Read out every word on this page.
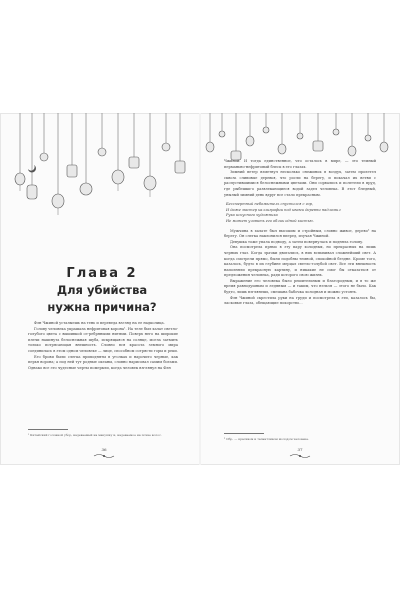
Глава 2
Для убийства
нужна причина?

Фэн Чжиной усталыешь на тень и переведа взгляд на ее надколица.

Голову человека украшала нефритовая корона¹. На теле был халат светло-голубого цвета с вышивкой се-ребряными нитями. Поверх него на широкие плечи накинута белоснежная шуба, искрящаяся на солнце, могла затмить только потрясающая внешность. Словно вся красота земного мира соединилась в этом одном человеке — лице, способном сотрясти горы и реки.

Его брови были слегка приподняты в уголках и нарочито черные, как перья ворона; а под ней тут родные океаны, словно нарисовал самим богами. Однако все это чудесные черты померкли, когда человек взглянул на Фэн

¹ Китайский головной убор, надеваемый на макушку и, надеваемое на почве волос.
36

Чжиной. И тогда единственное, что осталось в мире, — это темный перманьно-нефритовый блеск в его глазах.

Зимний ветер взметнул несколько снежинок в воздух, затем пролетел сквозь сливовые деревья, что росли на берегу, и покачал их ветви с распустившимися белоснежными цветами. Они сорвались и полетели в пруд, где рыбешки-о развлекающиеся водой задел человека. В этот бледный, унылый зимний день вдруг все стало прекрасным.

Бессмертный небожитель спустился с гор,

И даже мастер каллиграфии под ивами деревни надломил

Рука искусного художника

Не может уловить его облик одной кистью.

Мужчина в халате был высоким и стройным, словно живое, дерево² на берегу. Он слегка наклонился вперед, изучая Чжиной.

Девушка тоже упала подводу, а затем повернулась и подняла голову.

Она посмотрела прямо в эту пару холодных, но прекрасных на лишь черных глаз. Когда зрачки двигались, в них вспыхивал сложнейший свет. А когда смотрели прямо, были подобны темной, спокойной бездне. Кроме того, казалось, будто в их глубине мерцал светло-голубой свет. Все эти внешность наполняли прекрасную картину, и никакие не смог бы отказаться от предложения человека, ради которого свою жизнь.

Выражение его человека было решительным и благородным, и в то же время равнодушным и ледяным — и таким, что нельзя — этого не было. Как будто, лишь взглянешь, смешана бабочка холодная и можно устоять.

Фэн Чжиной скрестила руки на груди и посмотрела в эти, казалось бы, ласковые глаза, обещающие покорство...

² Обр. — красивом и талантливом молодом человеке.
37
